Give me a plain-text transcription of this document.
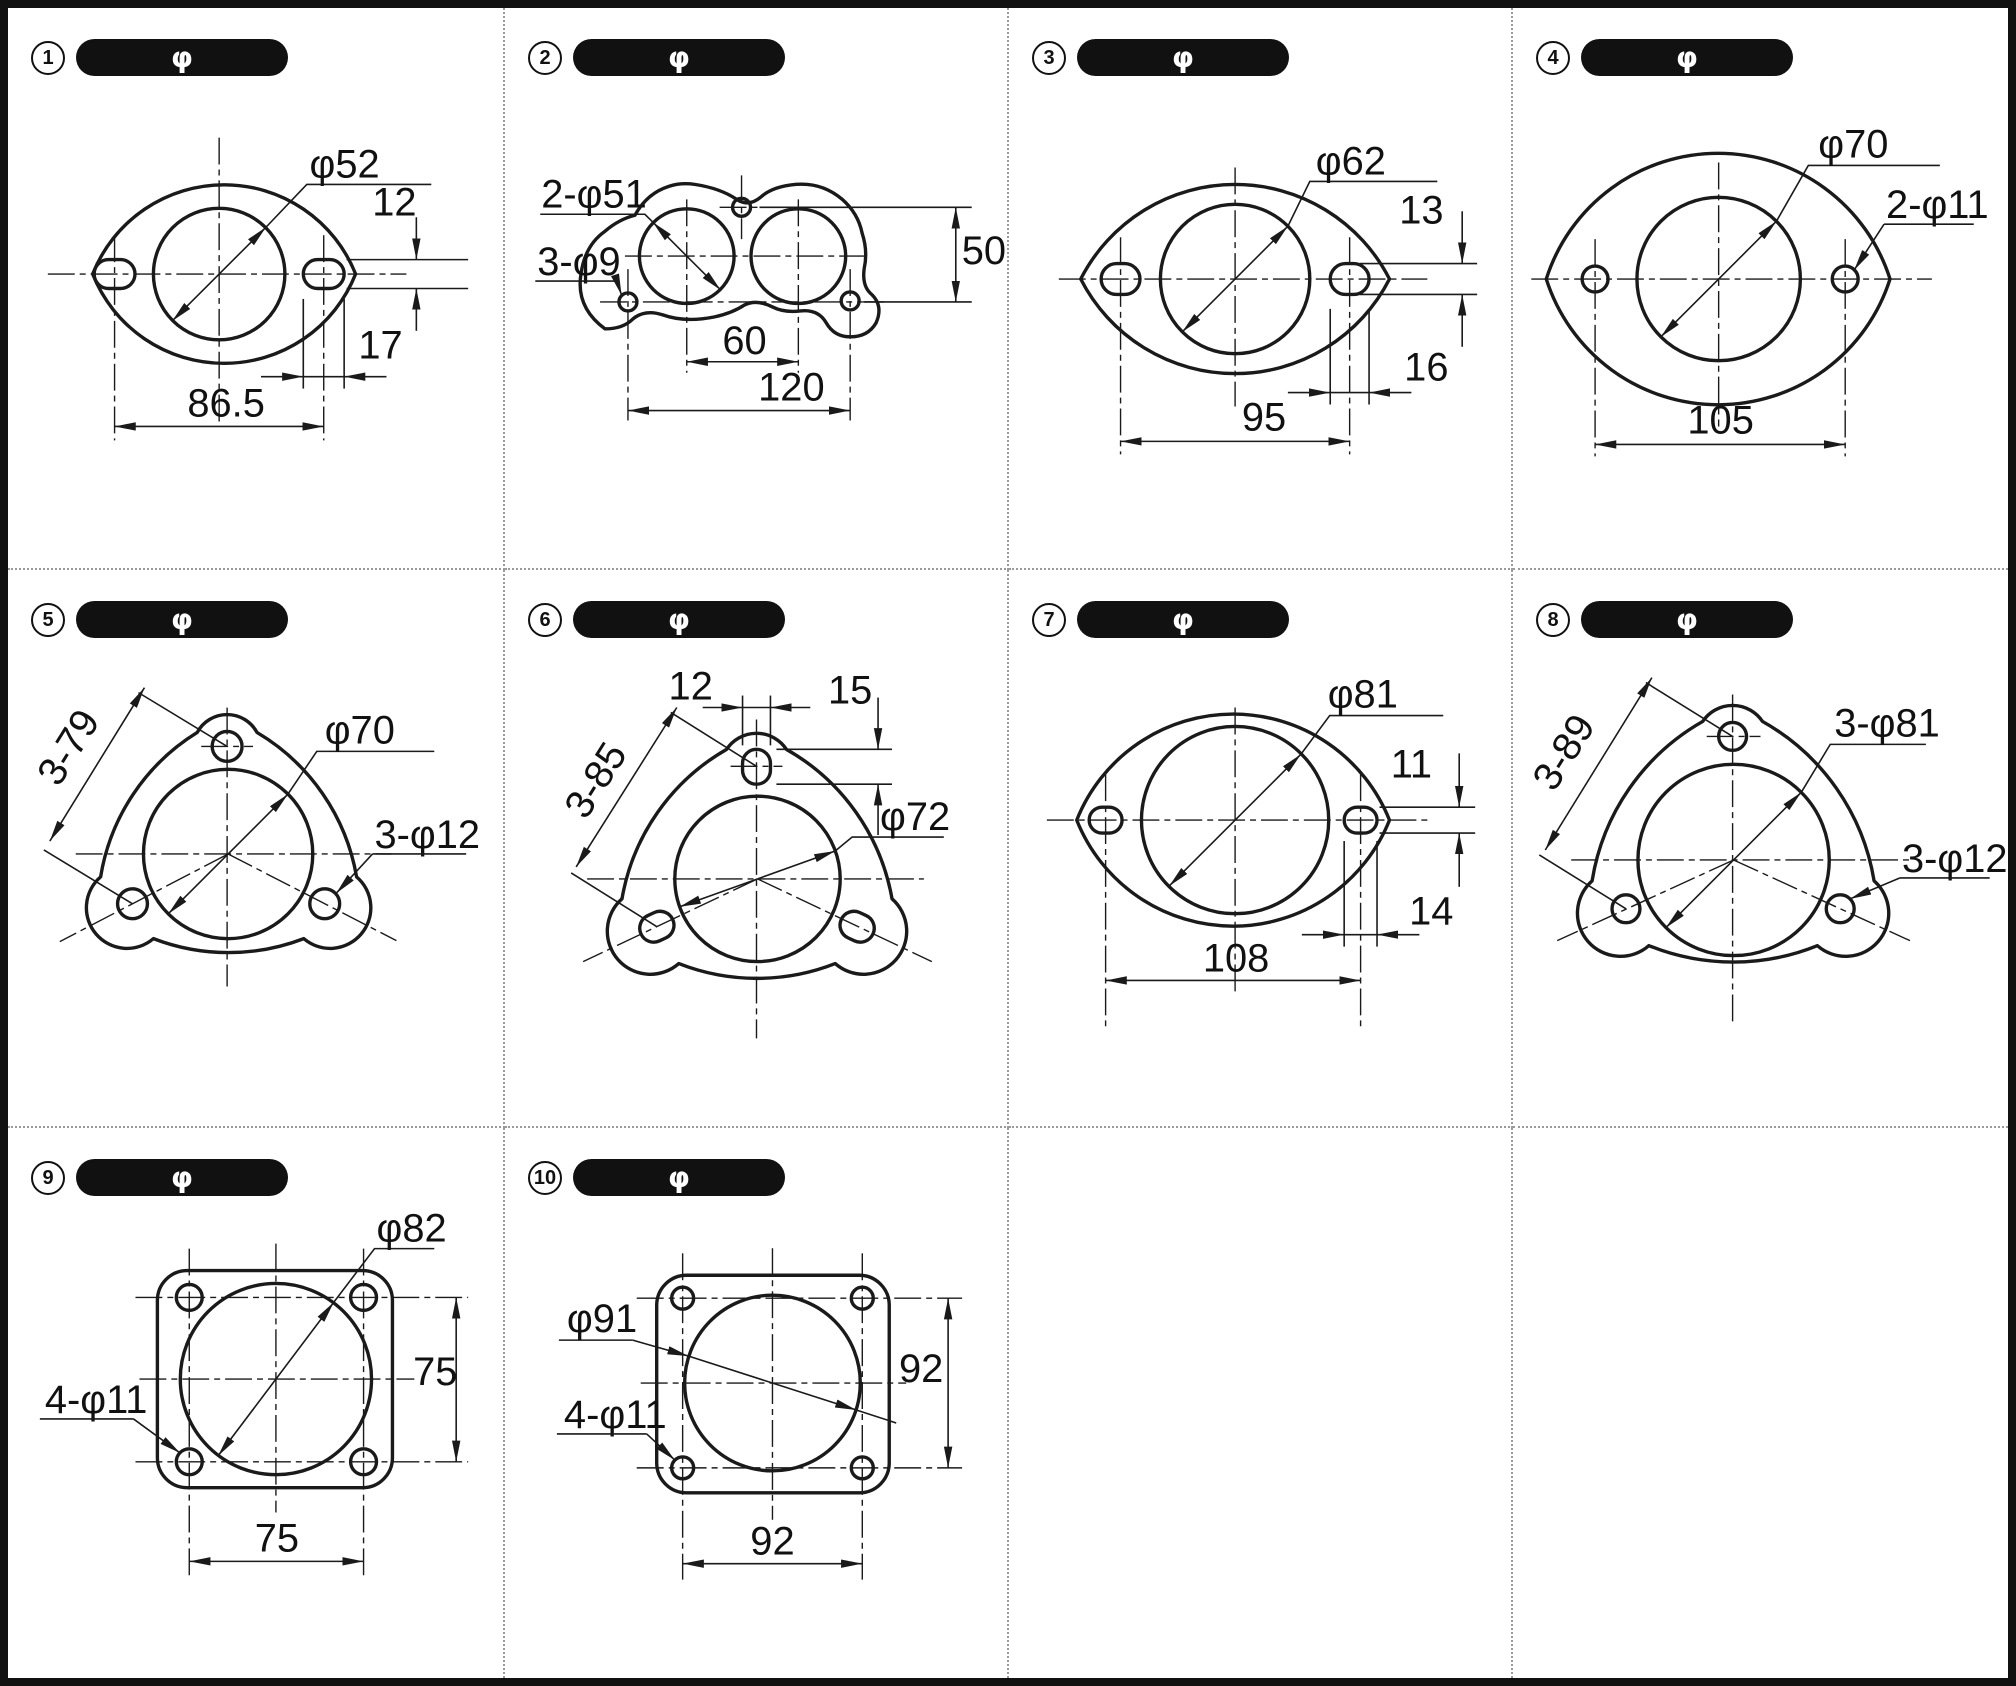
1	φ
φ52
12
17
86.5
2	φ
2-φ51
3-φ9	50
60
120
3	φ
φ62
13
16
95
4	φ
φ70
2-φ11
105
5	φ
3-79	φ70
3-φ12
6	φ
12	15
3-85	φ72
7	φ
φ81
11
14
108
8	φ
3-89	3-φ81
3-φ12
9	φ
φ82
4-φ11
75
75
10	φ
φ91
4-φ11
92
92
